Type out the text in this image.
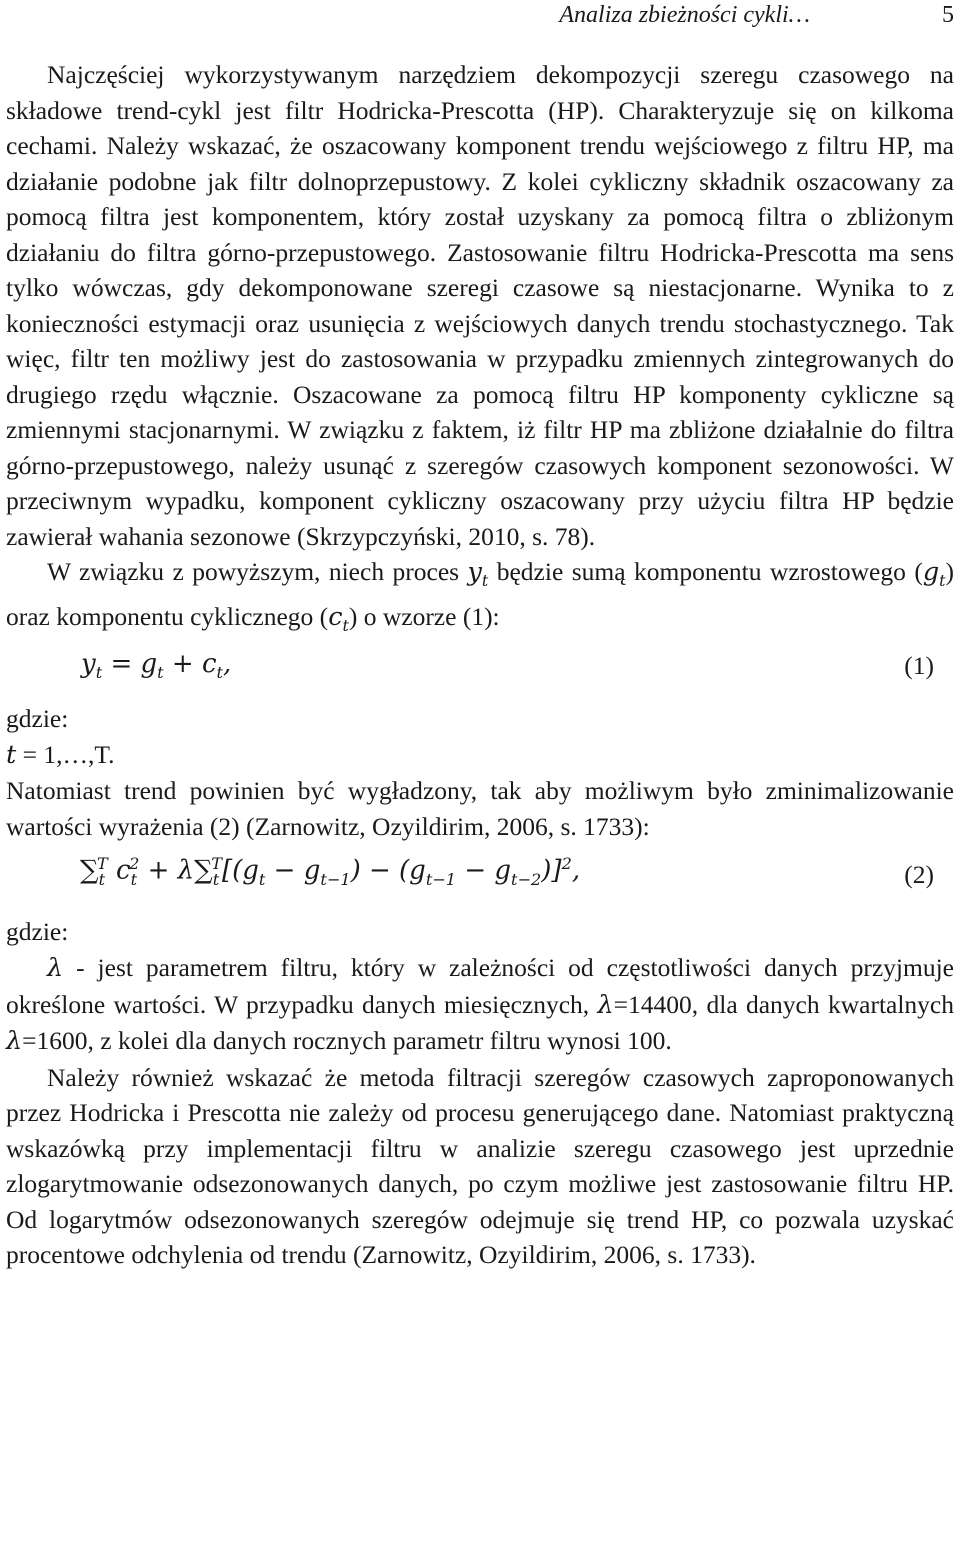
Analiza zbieżności cykli…	5

Najczęściej wykorzystywanym narzędziem dekompozycji szeregu czasowego na składowe trend-cykl jest filtr Hodricka-Prescotta (HP). Charakteryzuje się on kilkoma cechami. Należy wskazać, że oszacowany komponent trendu wejściowego z filtru HP, ma działanie podobne jak filtr dolnoprzepustowy. Z kolei cykliczny składnik oszacowany za pomocą filtra jest komponentem, który został uzyskany za pomocą filtra o zbliżonym działaniu do filtra górno-przepustowego. Zastosowanie filtru Hodricka-Prescotta ma sens tylko wówczas, gdy dekomponowane szeregi czasowe są niestacjonarne. Wynika to z konieczności estymacji oraz usunięcia z wejściowych danych trendu stochastycznego. Tak więc, filtr ten możliwy jest do zastosowania w przypadku zmiennych zintegrowanych do drugiego rzędu włącznie. Oszacowane za pomocą filtru HP komponenty cykliczne są zmiennymi stacjonarnymi. W związku z faktem, iż filtr HP ma zbliżone działalnie do filtra górno-przepustowego, należy usunąć z szeregów czasowych komponent sezonowości. W przeciwnym wypadku, komponent cykliczny oszacowany przy użyciu filtra HP będzie zawierał wahania sezonowe (Skrzypczyński, 2010, s. 78).

W związku z powyższym, niech proces $y_t$ będzie sumą komponentu wzrostowego $(g_t)$ oraz komponentu cyklicznego $(c_t)$ o wzorze (1):

$y_t = g_t + c_t$,	(1)

gdzie:

t = 1,…,T.

Natomiast trend powinien być wygładzony, tak aby możliwym było zminimalizowanie wartości wyrażenia (2) (Zarnowitz, Ozyildirim, 2006, s. 1733):

$\sum_t^T$ $c_t^2 + \lambda\sum_t^T[(g_t - g_{t-1}) - (g_{t-1} - g_{t-2})]^2$,	(2)

gdzie:

λ - jest parametrem filtru, który w zależności od częstotliwości danych przyjmuje określone wartości. W przypadku danych miesięcznych, λ=14400, dla danych kwartalnych λ=1600, z kolei dla danych rocznych parametr filtru wynosi 100.

Należy również wskazać że metoda filtracji szeregów czasowych zaproponowanych przez Hodricka i Prescotta nie zależy od procesu generującego dane. Natomiast praktyczną wskazówką przy implementacji filtru w analizie szeregu czasowego jest uprzednie zlogarytmowanie odsezonowanych danych, po czym możliwe jest zastosowanie filtru HP. Od logarytmów odsezonowanych szeregów odejmuje się trend HP, co pozwala uzyskać procentowe odchylenia od trendu (Zarnowitz, Ozyildirim, 2006, s. 1733).
